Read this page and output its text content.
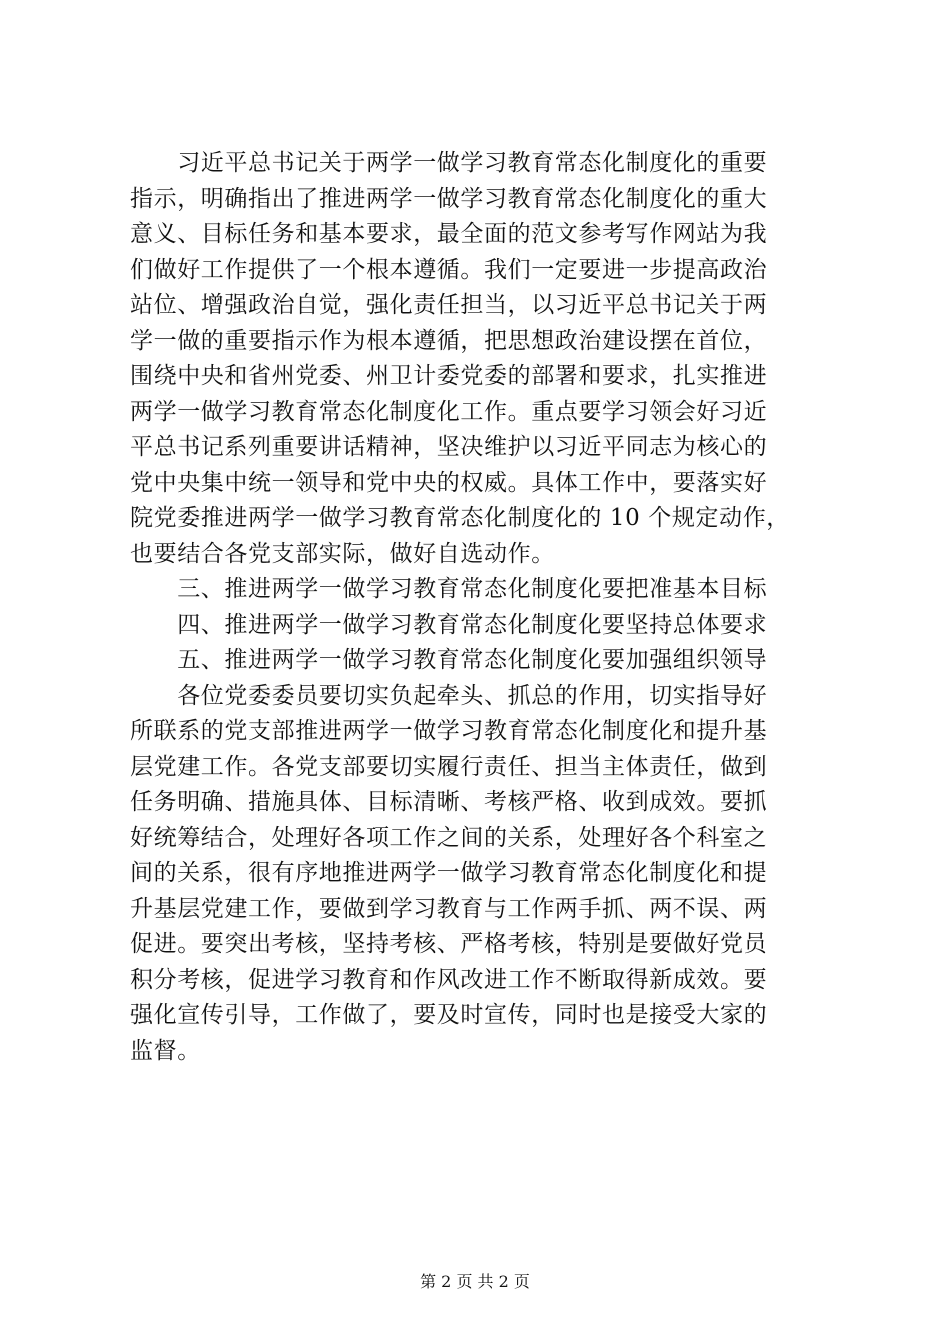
　　习近平总书记关于两学一做学习教育常态化制度化的重要
指示，明确指出了推进两学一做学习教育常态化制度化的重大
意义、目标任务和基本要求，最全面的范文参考写作网站为我
们做好工作提供了一个根本遵循。我们一定要进一步提高政治
站位、增强政治自觉，强化责任担当，以习近平总书记关于两
学一做的重要指示作为根本遵循，把思想政治建设摆在首位，
围绕中央和省州党委、州卫计委党委的部署和要求，扎实推进
两学一做学习教育常态化制度化工作。重点要学习领会好习近
平总书记系列重要讲话精神，坚决维护以习近平同志为核心的
党中央集中统一领导和党中央的权威。具体工作中，要落实好
院党委推进两学一做学习教育常态化制度化的 10 个规定动作，
也要结合各党支部实际，做好自选动作。
　　三、推进两学一做学习教育常态化制度化要把准基本目标
　　四、推进两学一做学习教育常态化制度化要坚持总体要求
　　五、推进两学一做学习教育常态化制度化要加强组织领导
　　各位党委委员要切实负起牵头、抓总的作用，切实指导好
所联系的党支部推进两学一做学习教育常态化制度化和提升基
层党建工作。各党支部要切实履行责任、担当主体责任，做到
任务明确、措施具体、目标清晰、考核严格、收到成效。要抓
好统筹结合，处理好各项工作之间的关系，处理好各个科室之
间的关系，很有序地推进两学一做学习教育常态化制度化和提
升基层党建工作，要做到学习教育与工作两手抓、两不误、两
促进。要突出考核，坚持考核、严格考核，特别是要做好党员
积分考核，促进学习教育和作风改进工作不断取得新成效。要
强化宣传引导，工作做了，要及时宣传，同时也是接受大家的
监督。
第 2 页 共 2 页
